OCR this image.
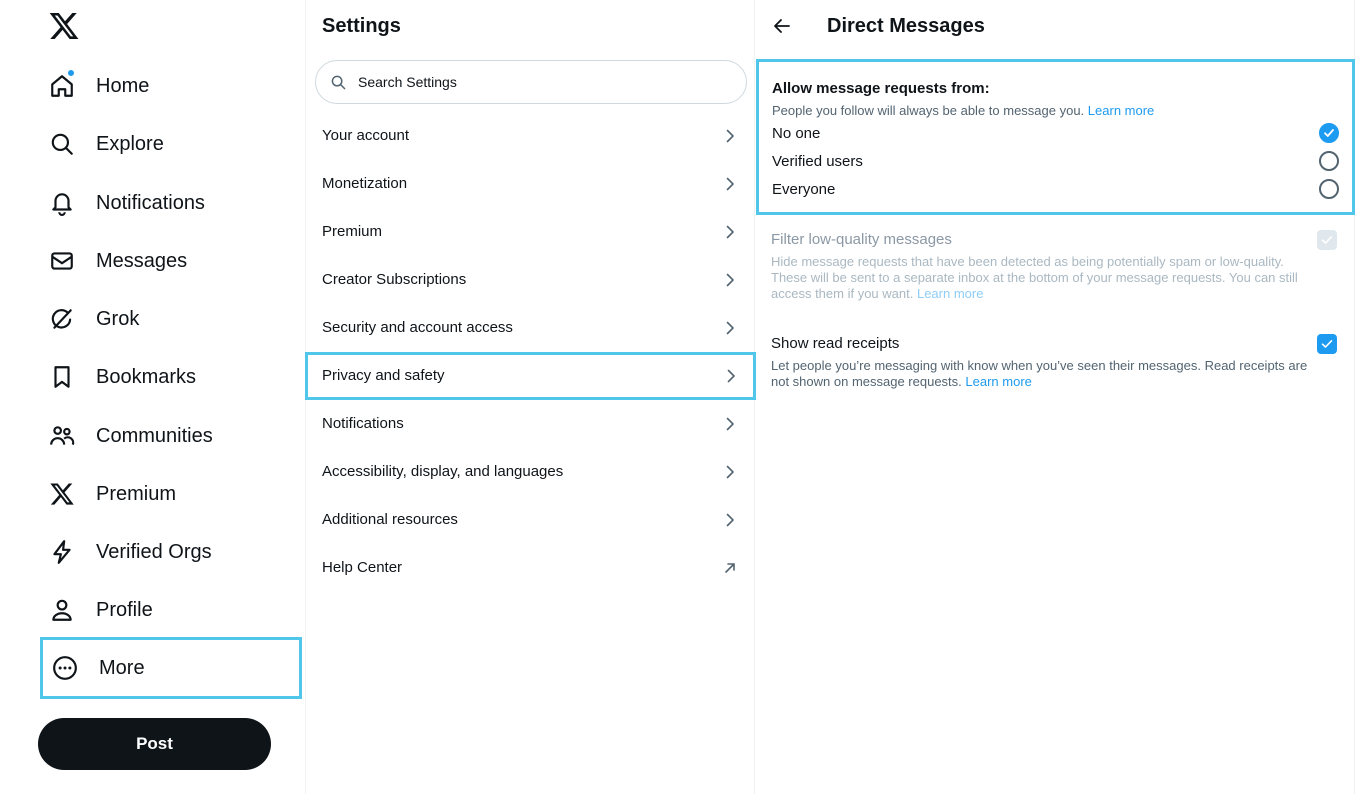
Home
Explore
Notifications
Messages
Grok
Bookmarks
Communities
Premium
Verified Orgs
Profile
More
Post
Settings
Search Settings
Your account
Monetization
Premium
Creator Subscriptions
Security and account access
Privacy and safety
Notifications
Accessibility, display, and languages
Additional resources
Help Center
Direct Messages
Allow message requests from:
People you follow will always be able to message you. Learn more
No one
Verified users
Everyone
Filter low-quality messages
Hide message requests that have been detected as being potentially spam or low-quality. These will be sent to a separate inbox at the bottom of your message requests. You can still access them if you want. Learn more
Show read receipts
Let people you’re messaging with know when you’ve seen their messages. Read receipts are not shown on message requests. Learn more
